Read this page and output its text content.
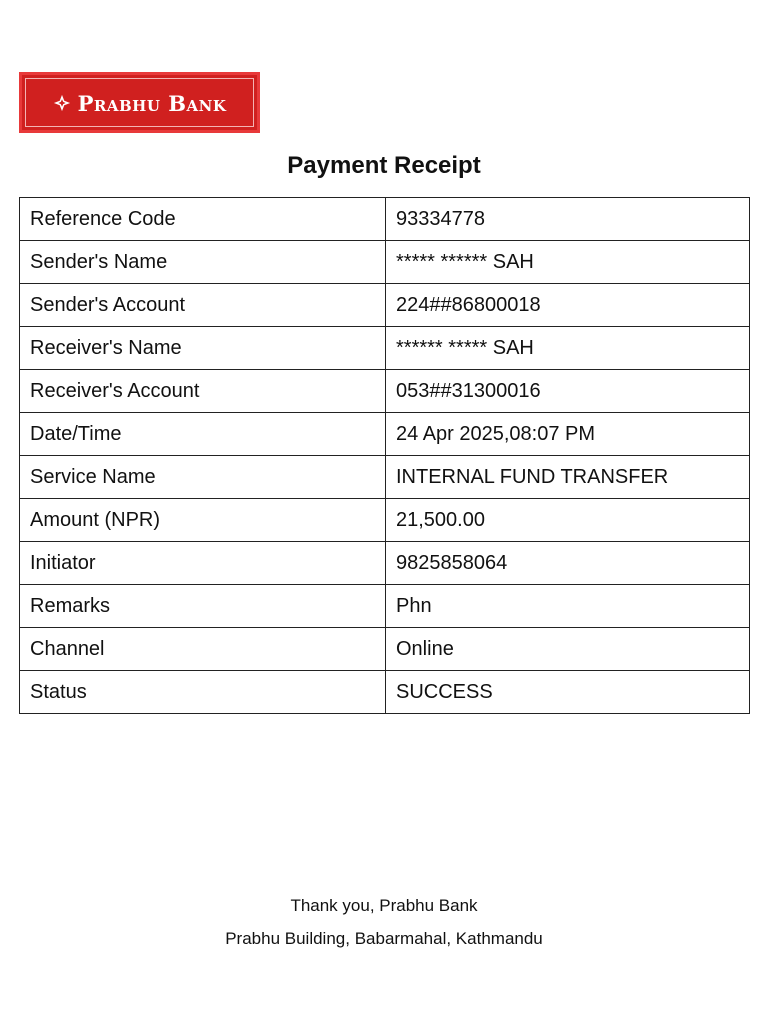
Prabhu Bank
Payment Receipt
Reference Code	93334778
Sender's Name	***** ****** SAH
Sender's Account	224##86800018
Receiver's Name	****** ***** SAH
Receiver's Account	053##31300016
Date/Time	24 Apr 2025,08:07 PM
Service Name	INTERNAL FUND TRANSFER
Amount (NPR)	21,500.00
Initiator	9825858064
Remarks	Phn
Channel	Online
Status	SUCCESS
Thank you, Prabhu Bank
Prabhu Building, Babarmahal, Kathmandu
